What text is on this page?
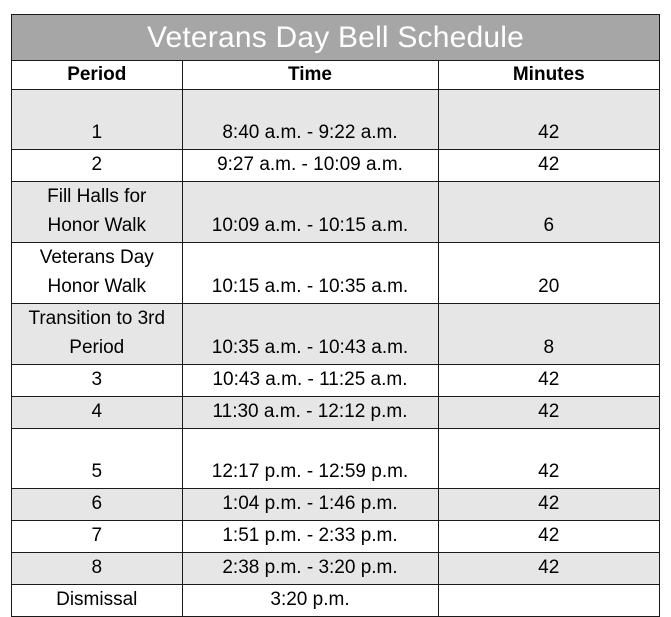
Veterans Day Bell Schedule
Period	Time	Minutes
1	8:40 a.m. - 9:22 a.m.	42
2	9:27 a.m. - 10:09 a.m.	42

Fill Halls for
Honor Walk	10:09 a.m. - 10:15 a.m.	6

Veterans Day
Honor Walk	10:15 a.m. - 10:35 a.m.	20

Transition to 3rd
Period	10:35 a.m. - 10:43 a.m.	8
3	10:43 a.m. - 11:25 a.m.	42
4	11:30 a.m. - 12:12 p.m.	42
5	12:17 p.m. - 12:59 p.m.	42
6	1:04 p.m. - 1:46 p.m.	42
7	1:51 p.m. - 2:33 p.m.	42
8	2:38 p.m. - 3:20 p.m.	42
Dismissal	3:20 p.m.	
